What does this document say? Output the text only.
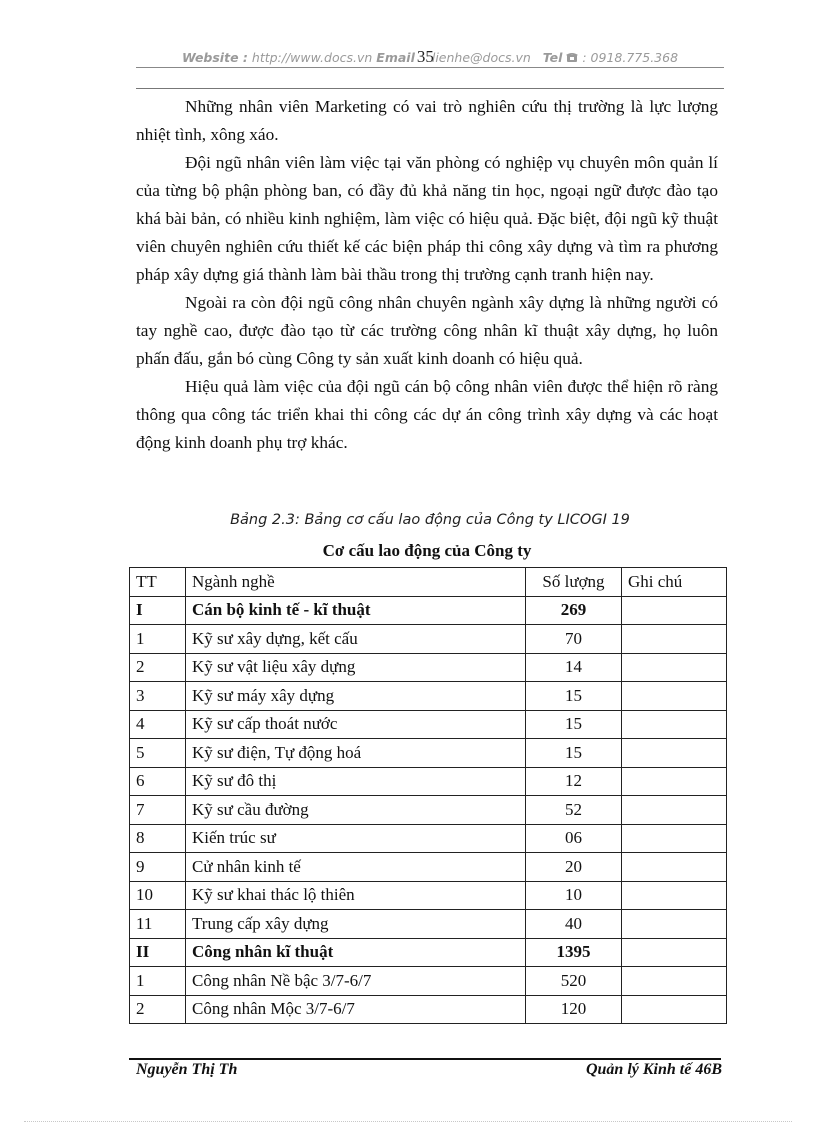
Website : http://www.docs.vn Email 35lienhe@docs.vn Tel : 0918.775.368

Những nhân viên Marketing có vai trò nghiên cứu thị trường là lực lượng nhiệt tình, xông xáo.

Đội ngũ nhân viên làm việc tại văn phòng có nghiệp vụ chuyên môn quản lí của từng bộ phận phòng ban, có đầy đủ khả năng tin học, ngoại ngữ được đào tạo khá bài bản, có nhiều kinh nghiệm, làm việc có hiệu quả. Đặc biệt, đội ngũ kỹ thuật viên chuyên nghiên cứu thiết kế các biện pháp thi công xây dựng và tìm ra phương pháp xây dựng giá thành làm bài thầu trong thị trường cạnh tranh hiện nay.

Ngoài ra còn đội ngũ công nhân chuyên ngành xây dựng là những người có tay nghề cao, được đào tạo từ các trường công nhân kĩ thuật xây dựng, họ luôn phấn đấu, gắn bó cùng Công ty sản xuất kinh doanh có hiệu quả.

Hiệu quả làm việc của đội ngũ cán bộ công nhân viên được thể hiện rõ ràng thông qua công tác triển khai thi công các dự án công trình xây dựng và các hoạt động kinh doanh phụ trợ khác.

Bảng 2.3: Bảng cơ cấu lao động của Công ty LICOGI 19
Cơ cấu lao động của Công ty
TT	Ngành nghề	Số lượng	Ghi chú
I	Cán bộ kinh tế - kĩ thuật	269	
1	Kỹ sư xây dựng, kết cấu	70	
2	Kỹ sư vật liệu xây dựng	14	
3	Kỹ sư máy xây dựng	15	
4	Kỹ sư cấp thoát nước	15	
5	Kỹ sư điện, Tự động hoá	15	
6	Kỹ sư đô thị	12	
7	Kỹ sư cầu đường	52	
8	Kiến trúc sư	06	
9	Cử nhân kinh tế	20	
10	Kỹ sư khai thác lộ thiên	10	
11	Trung cấp xây dựng	40	
II	Công nhân kĩ thuật	1395	
1	Công nhân Nề bậc 3/7-6/7	520	
2	Công nhân Mộc 3/7-6/7	120	
Nguyễn Thị Th	Quản lý Kinh tế 46B
